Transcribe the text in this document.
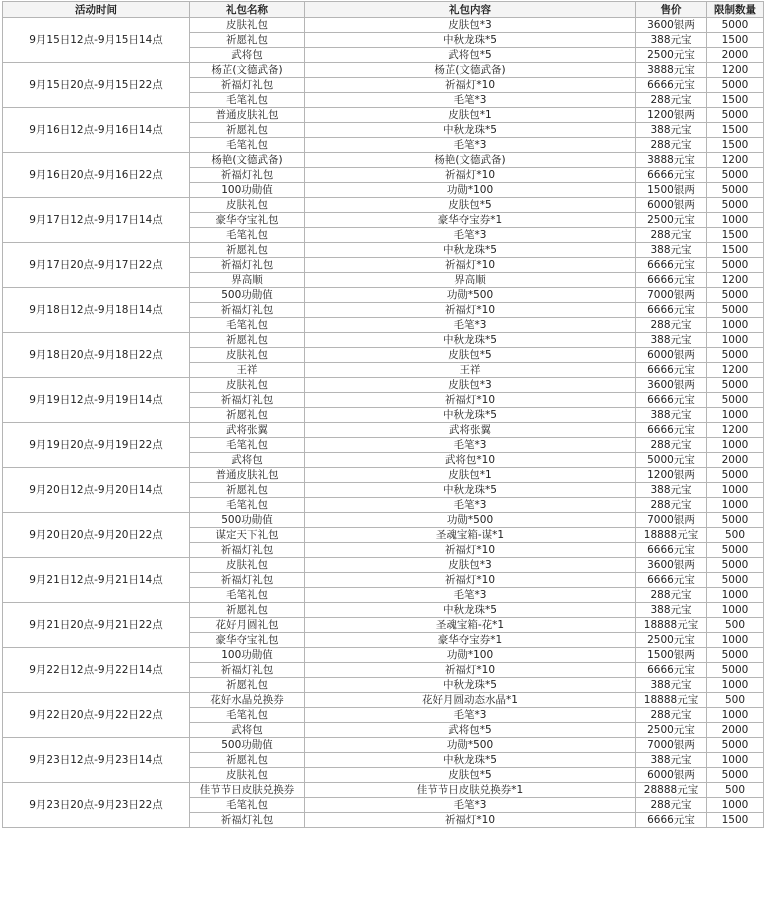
活动时间	礼包名称	礼包内容	售价	限制数量
9月15日12点-9月15日14点	皮肤礼包	皮肤包*3	3600银两	5000
	祈愿礼包	中秋龙珠*5	388元宝	1500
	武将包	武将包*5	2500元宝	2000
9月15日20点-9月15日22点	杨芷(文德武备)	杨芷(文德武备)	3888元宝	1200
	祈福灯礼包	祈福灯*10	6666元宝	5000
	毛笔礼包	毛笔*3	288元宝	1500
9月16日12点-9月16日14点	普通皮肤礼包	皮肤包*1	1200银两	5000
	祈愿礼包	中秋龙珠*5	388元宝	1500
	毛笔礼包	毛笔*3	288元宝	1500
9月16日20点-9月16日22点	杨艳(文德武备)	杨艳(文德武备)	3888元宝	1200
	祈福灯礼包	祈福灯*10	6666元宝	5000
	100功勋值	功勋*100	1500银两	5000
9月17日12点-9月17日14点	皮肤礼包	皮肤包*5	6000银两	5000
	豪华夺宝礼包	豪华夺宝券*1	2500元宝	1000
	毛笔礼包	毛笔*3	288元宝	1500
9月17日20点-9月17日22点	祈愿礼包	中秋龙珠*5	388元宝	1500
	祈福灯礼包	祈福灯*10	6666元宝	5000
	界高顺	界高顺	6666元宝	1200
9月18日12点-9月18日14点	500功勋值	功勋*500	7000银两	5000
	祈福灯礼包	祈福灯*10	6666元宝	5000
	毛笔礼包	毛笔*3	288元宝	1000
9月18日20点-9月18日22点	祈愿礼包	中秋龙珠*5	388元宝	1000
	皮肤礼包	皮肤包*5	6000银两	5000
	王祥	王祥	6666元宝	1200
9月19日12点-9月19日14点	皮肤礼包	皮肤包*3	3600银两	5000
	祈福灯礼包	祈福灯*10	6666元宝	5000
	祈愿礼包	中秋龙珠*5	388元宝	1000
9月19日20点-9月19日22点	武将张翼	武将张翼	6666元宝	1200
	毛笔礼包	毛笔*3	288元宝	1000
	武将包	武将包*10	5000元宝	2000
9月20日12点-9月20日14点	普通皮肤礼包	皮肤包*1	1200银两	5000
	祈愿礼包	中秋龙珠*5	388元宝	1000
	毛笔礼包	毛笔*3	288元宝	1000
9月20日20点-9月20日22点	500功勋值	功勋*500	7000银两	5000
	谋定天下礼包	圣魂宝箱-谋*1	18888元宝	500
	祈福灯礼包	祈福灯*10	6666元宝	5000
9月21日12点-9月21日14点	皮肤礼包	皮肤包*3	3600银两	5000
	祈福灯礼包	祈福灯*10	6666元宝	5000
	毛笔礼包	毛笔*3	288元宝	1000
9月21日20点-9月21日22点	祈愿礼包	中秋龙珠*5	388元宝	1000
	花好月圆礼包	圣魂宝箱-花*1	18888元宝	500
	豪华夺宝礼包	豪华夺宝券*1	2500元宝	1000
9月22日12点-9月22日14点	100功勋值	功勋*100	1500银两	5000
	祈福灯礼包	祈福灯*10	6666元宝	5000
	祈愿礼包	中秋龙珠*5	388元宝	1000
9月22日20点-9月22日22点	花好水晶兑换券	花好月圆动态水晶*1	18888元宝	500
	毛笔礼包	毛笔*3	288元宝	1000
	武将包	武将包*5	2500元宝	2000
9月23日12点-9月23日14点	500功勋值	功勋*500	7000银两	5000
	祈愿礼包	中秋龙珠*5	388元宝	1000
	皮肤礼包	皮肤包*5	6000银两	5000
9月23日20点-9月23日22点	佳节节日皮肤兑换券	佳节节日皮肤兑换券*1	28888元宝	500
	毛笔礼包	毛笔*3	288元宝	1000
	祈福灯礼包	祈福灯*10	6666元宝	1500
